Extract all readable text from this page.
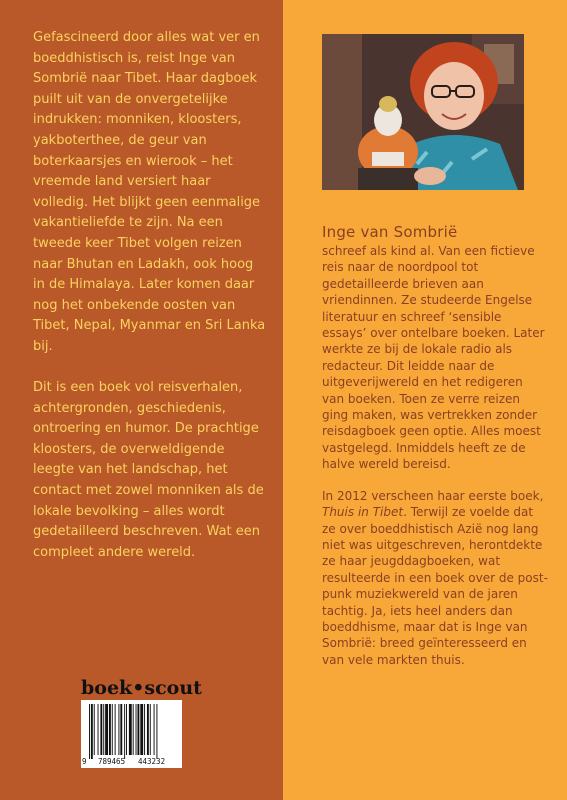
Gefascineerd door alles wat ver en boeddhistisch is, reist Inge van Sombrië naar Tibet. Haar dagboek puilt uit van de onvergetelijke indrukken: monniken, kloosters, yakboterthee, de geur van boterkaarsjes en wierook – het vreemde land versiert haar volledig. Het blijkt geen eenmalige vakantieliefde te zijn. Na een tweede keer Tibet volgen reizen naar Bhutan en Ladakh, ook hoog in de Himalaya. Later komen daar nog het onbekende oosten van Tibet, Nepal, Myanmar en Sri Lanka bij.

Dit is een boek vol reisverhalen, achtergronden, geschiedenis, ontroering en humor. De prachtige kloosters, de overweldigende leegte van het landschap, het contact met zowel monniken als de lokale bevolking – alles wordt gedetailleerd beschreven. Wat een compleet andere wereld.

Inge van Sombrië

schreef als kind al. Van een fictieve reis naar de noordpool tot gedetailleerde brieven aan vriendinnen. Ze studeerde Engelse literatuur en schreef ‘sensible essays’ over ontelbare boeken. Later werkte ze bij de lokale radio als redacteur. Dit leidde naar de uitgeverijwereld en het redigeren van boeken. Toen ze verre reizen ging maken, was vertrekken zonder reisdagboek geen optie. Alles moest vastgelegd. Inmiddels heeft ze de halve wereld bereisd.

In 2012 verscheen haar eerste boek, Thuis in Tibet. Terwijl ze voelde dat ze over boeddhistisch Azië nog lang niet was uitgeschreven, herontdekte ze haar jeugddagboeken, wat resulteerde in een boek over de post-punk muziekwereld van de jaren tachtig. Ja, iets heel anders dan boeddhisme, maar dat is Inge van Sombrië: breed geïnteresseerd en van vele markten thuis.

boek•scout
9 789465 443232
